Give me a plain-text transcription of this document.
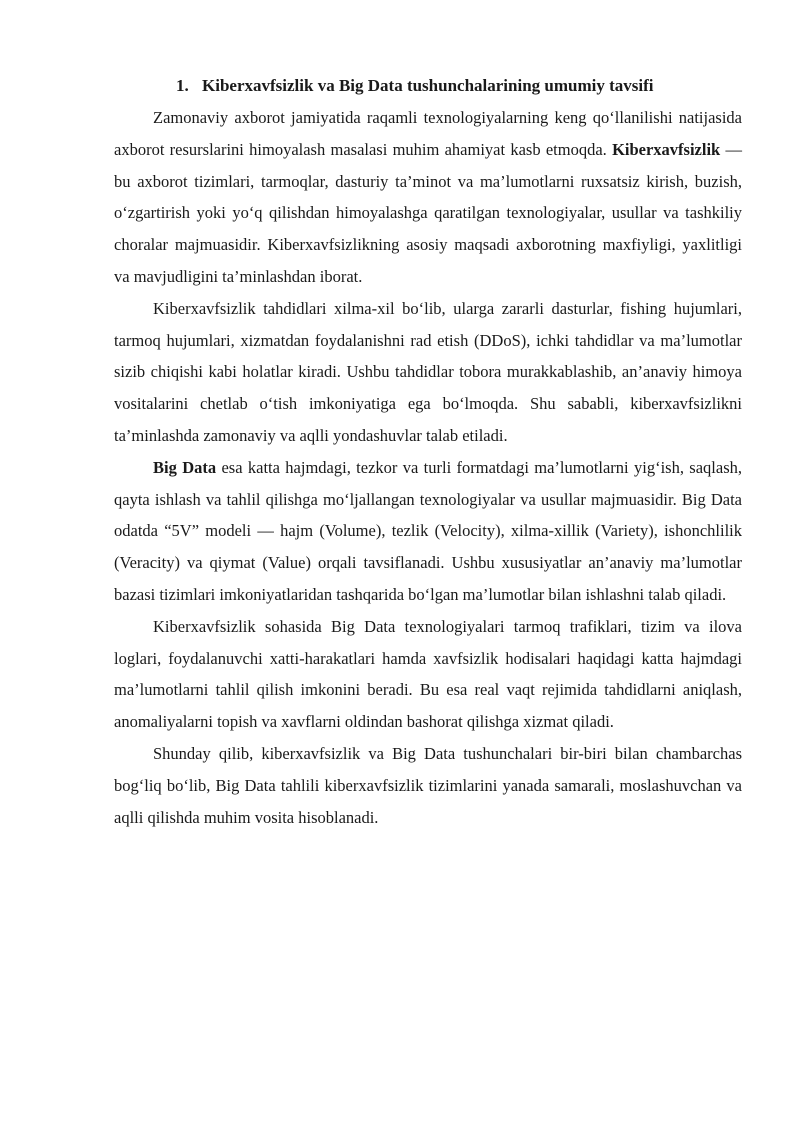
1. Kiberxavfsizlik va Big Data tushunchalarining umumiy tavsifi

Zamonaviy axborot jamiyatida raqamli texnologiyalarning keng qo‘llanilishi natijasida axborot resurslarini himoyalash masalasi muhim ahamiyat kasb etmoqda. Kiberxavfsizlik — bu axborot tizimlari, tarmoqlar, dasturiy ta’minot va ma’lumotlarni ruxsatsiz kirish, buzish, o‘zgartirish yoki yo‘q qilishdan himoyalashga qaratilgan texnologiyalar, usullar va tashkiliy choralar majmuasidir. Kiberxavfsizlikning asosiy maqsadi axborotning maxfiyligi, yaxlitligi va mavjudligini ta’minlashdan iborat.

Kiberxavfsizlik tahdidlari xilma-xil bo‘lib, ularga zararli dasturlar, fishing hujumlari, tarmoq hujumlari, xizmatdan foydalanishni rad etish (DDoS), ichki tahdidlar va ma’lumotlar sizib chiqishi kabi holatlar kiradi. Ushbu tahdidlar tobora murakkablashib, an’anaviy himoya vositalarini chetlab o‘tish imkoniyatiga ega bo‘lmoqda. Shu sababli, kiberxavfsizlikni ta’minlashda zamonaviy va aqlli yondashuvlar talab etiladi.

Big Data esa katta hajmdagi, tezkor va turli formatdagi ma’lumotlarni yig‘ish, saqlash, qayta ishlash va tahlil qilishga mo‘ljallangan texnologiyalar va usullar majmuasidir. Big Data odatda “5V” modeli — hajm (Volume), tezlik (Velocity), xilma-xillik (Variety), ishonchlilik (Veracity) va qiymat (Value) orqali tavsiflanadi. Ushbu xususiyatlar an’anaviy ma’lumotlar bazasi tizimlari imkoniyatlaridan tashqarida bo‘lgan ma’lumotlar bilan ishlashni talab qiladi.

Kiberxavfsizlik sohasida Big Data texnologiyalari tarmoq trafiklari, tizim va ilova loglari, foydalanuvchi xatti-harakatlari hamda xavfsizlik hodisalari haqidagi katta hajmdagi ma’lumotlarni tahlil qilish imkonini beradi. Bu esa real vaqt rejimida tahdidlarni aniqlash, anomaliyalarni topish va xavflarni oldindan bashorat qilishga xizmat qiladi.

Shunday qilib, kiberxavfsizlik va Big Data tushunchalari bir-biri bilan chambarchas bog‘liq bo‘lib, Big Data tahlili kiberxavfsizlik tizimlarini yanada samarali, moslashuvchan va aqlli qilishda muhim vosita hisoblanadi.
